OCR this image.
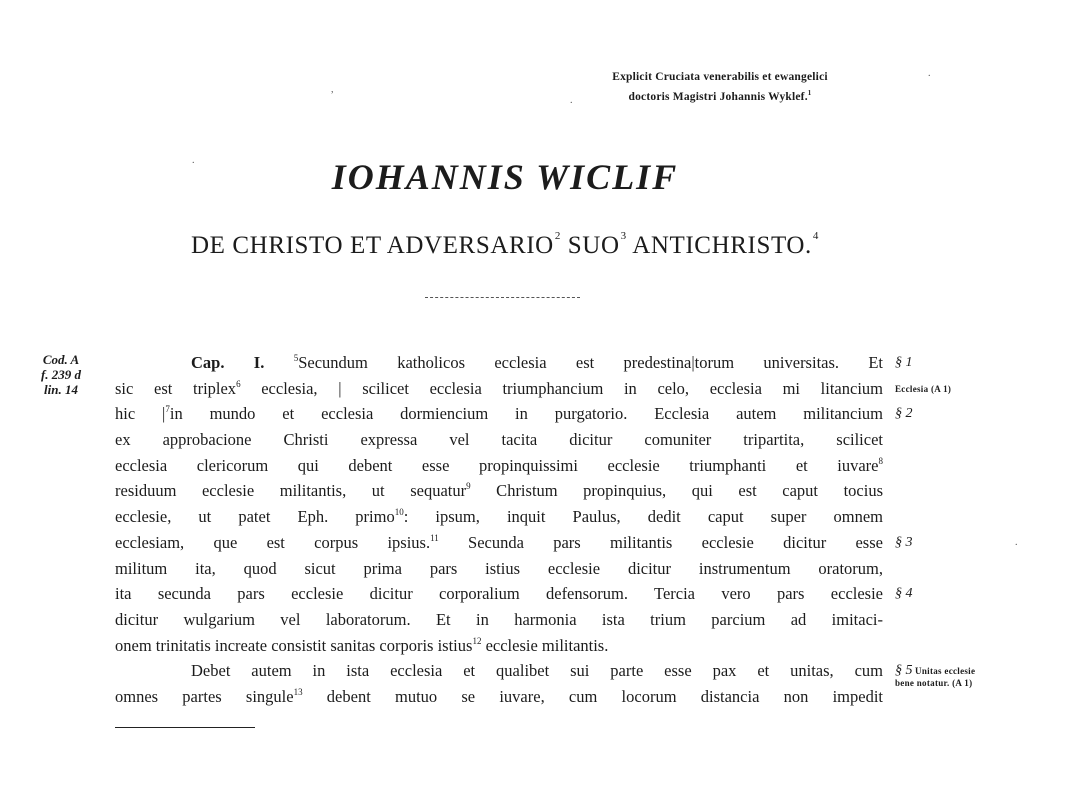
Explicit Cruciata venerabilis et ewangelici
doctoris Magistri Johannis Wyklef.$^1$
IOHANNIS WICLIF
DE CHRISTO ET ADVERSARIO$^2$ SUO$^3$ ANTICHRISTO.$^4$
Cod. A
f. 239 d
lin. 14
Cap. I.	$^5$Secundum katholicos ecclesia est predestina|torum universitas. Et
sic est triplex$^6$ ecclesia, | scilicet ecclesia triumphancium in celo, ecclesia mi litancium
hic $|^7in$ mundo et ecclesia dormiencium in purgatorio. Ecclesia autem militancium
ex approbacione Christi expressa vel tacita dicitur comuniter tripartita, scilicet
ecclesia clericorum qui debent esse propinquissimi ecclesie triumphanti et iuvare$^8$
residuum ecclesie militantis, ut sequatur$^9$ Christum propinquius, qui est caput tocius
ecclesie, ut patet Eph. primo$^{10}$: ipsum, inquit Paulus, dedit caput super omnem
ecclesiam, que est corpus ipsius.$^{11}$ Secunda pars militantis ecclesie dicitur esse
militum ita, quod sicut prima pars istius ecclesie dicitur instrumentum oratorum,
ita secunda pars ecclesie dicitur corporalium defensorum. Tercia vero pars ecclesie
dicitur wulgarium vel laboratorum. Et in harmonia ista trium parcium ad imitaci-
onem trinitatis increate consistit sanitas corporis istius$^{12}$ ecclesie militantis.
Debet autem in ista ecclesia et qualibet sui parte esse pax et unitas, cum
omnes partes singule$^{13}$ debent mutuo se iuvare, cum locorum distancia non impedit
§ 1
Ecclesia (A 1)
§ 2
§ 3
§ 4
§ 5 Unitas ecclesie
bene notatur. (A 1)
,
.
.
.
.
